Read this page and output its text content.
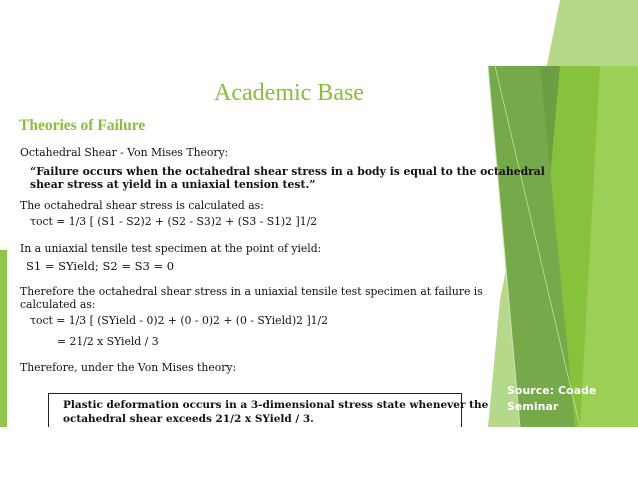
Academic Base
Theories of Failure
Octahedral Shear - Von Mises Theory:
“Failure occurs when the octahedral shear stress in a body is equal to the octahedral
shear stress at yield in a uniaxial tension test.”
The octahedral shear stress is calculated as:
τoct = 1/3 [ (S1 - S2)2 + (S2 - S3)2 + (S3 - S1)2 ]1/2
In a uniaxial tensile test specimen at the point of yield:
S1 = SYield; S2 = S3 = 0
Therefore the octahedral shear stress in a uniaxial tensile test specimen at failure is
calculated as:
τoct = 1/3 [ (SYield - 0)2 + (0 - 0)2 + (0 - SYield)2 ]1/2
= 21/2 x SYield / 3
Therefore, under the Von Mises theory:
Plastic deformation occurs in a 3-dimensional stress state whenever the
octahedral shear exceeds 21/2 x SYield / 3.
Source: Coade
Seminar
